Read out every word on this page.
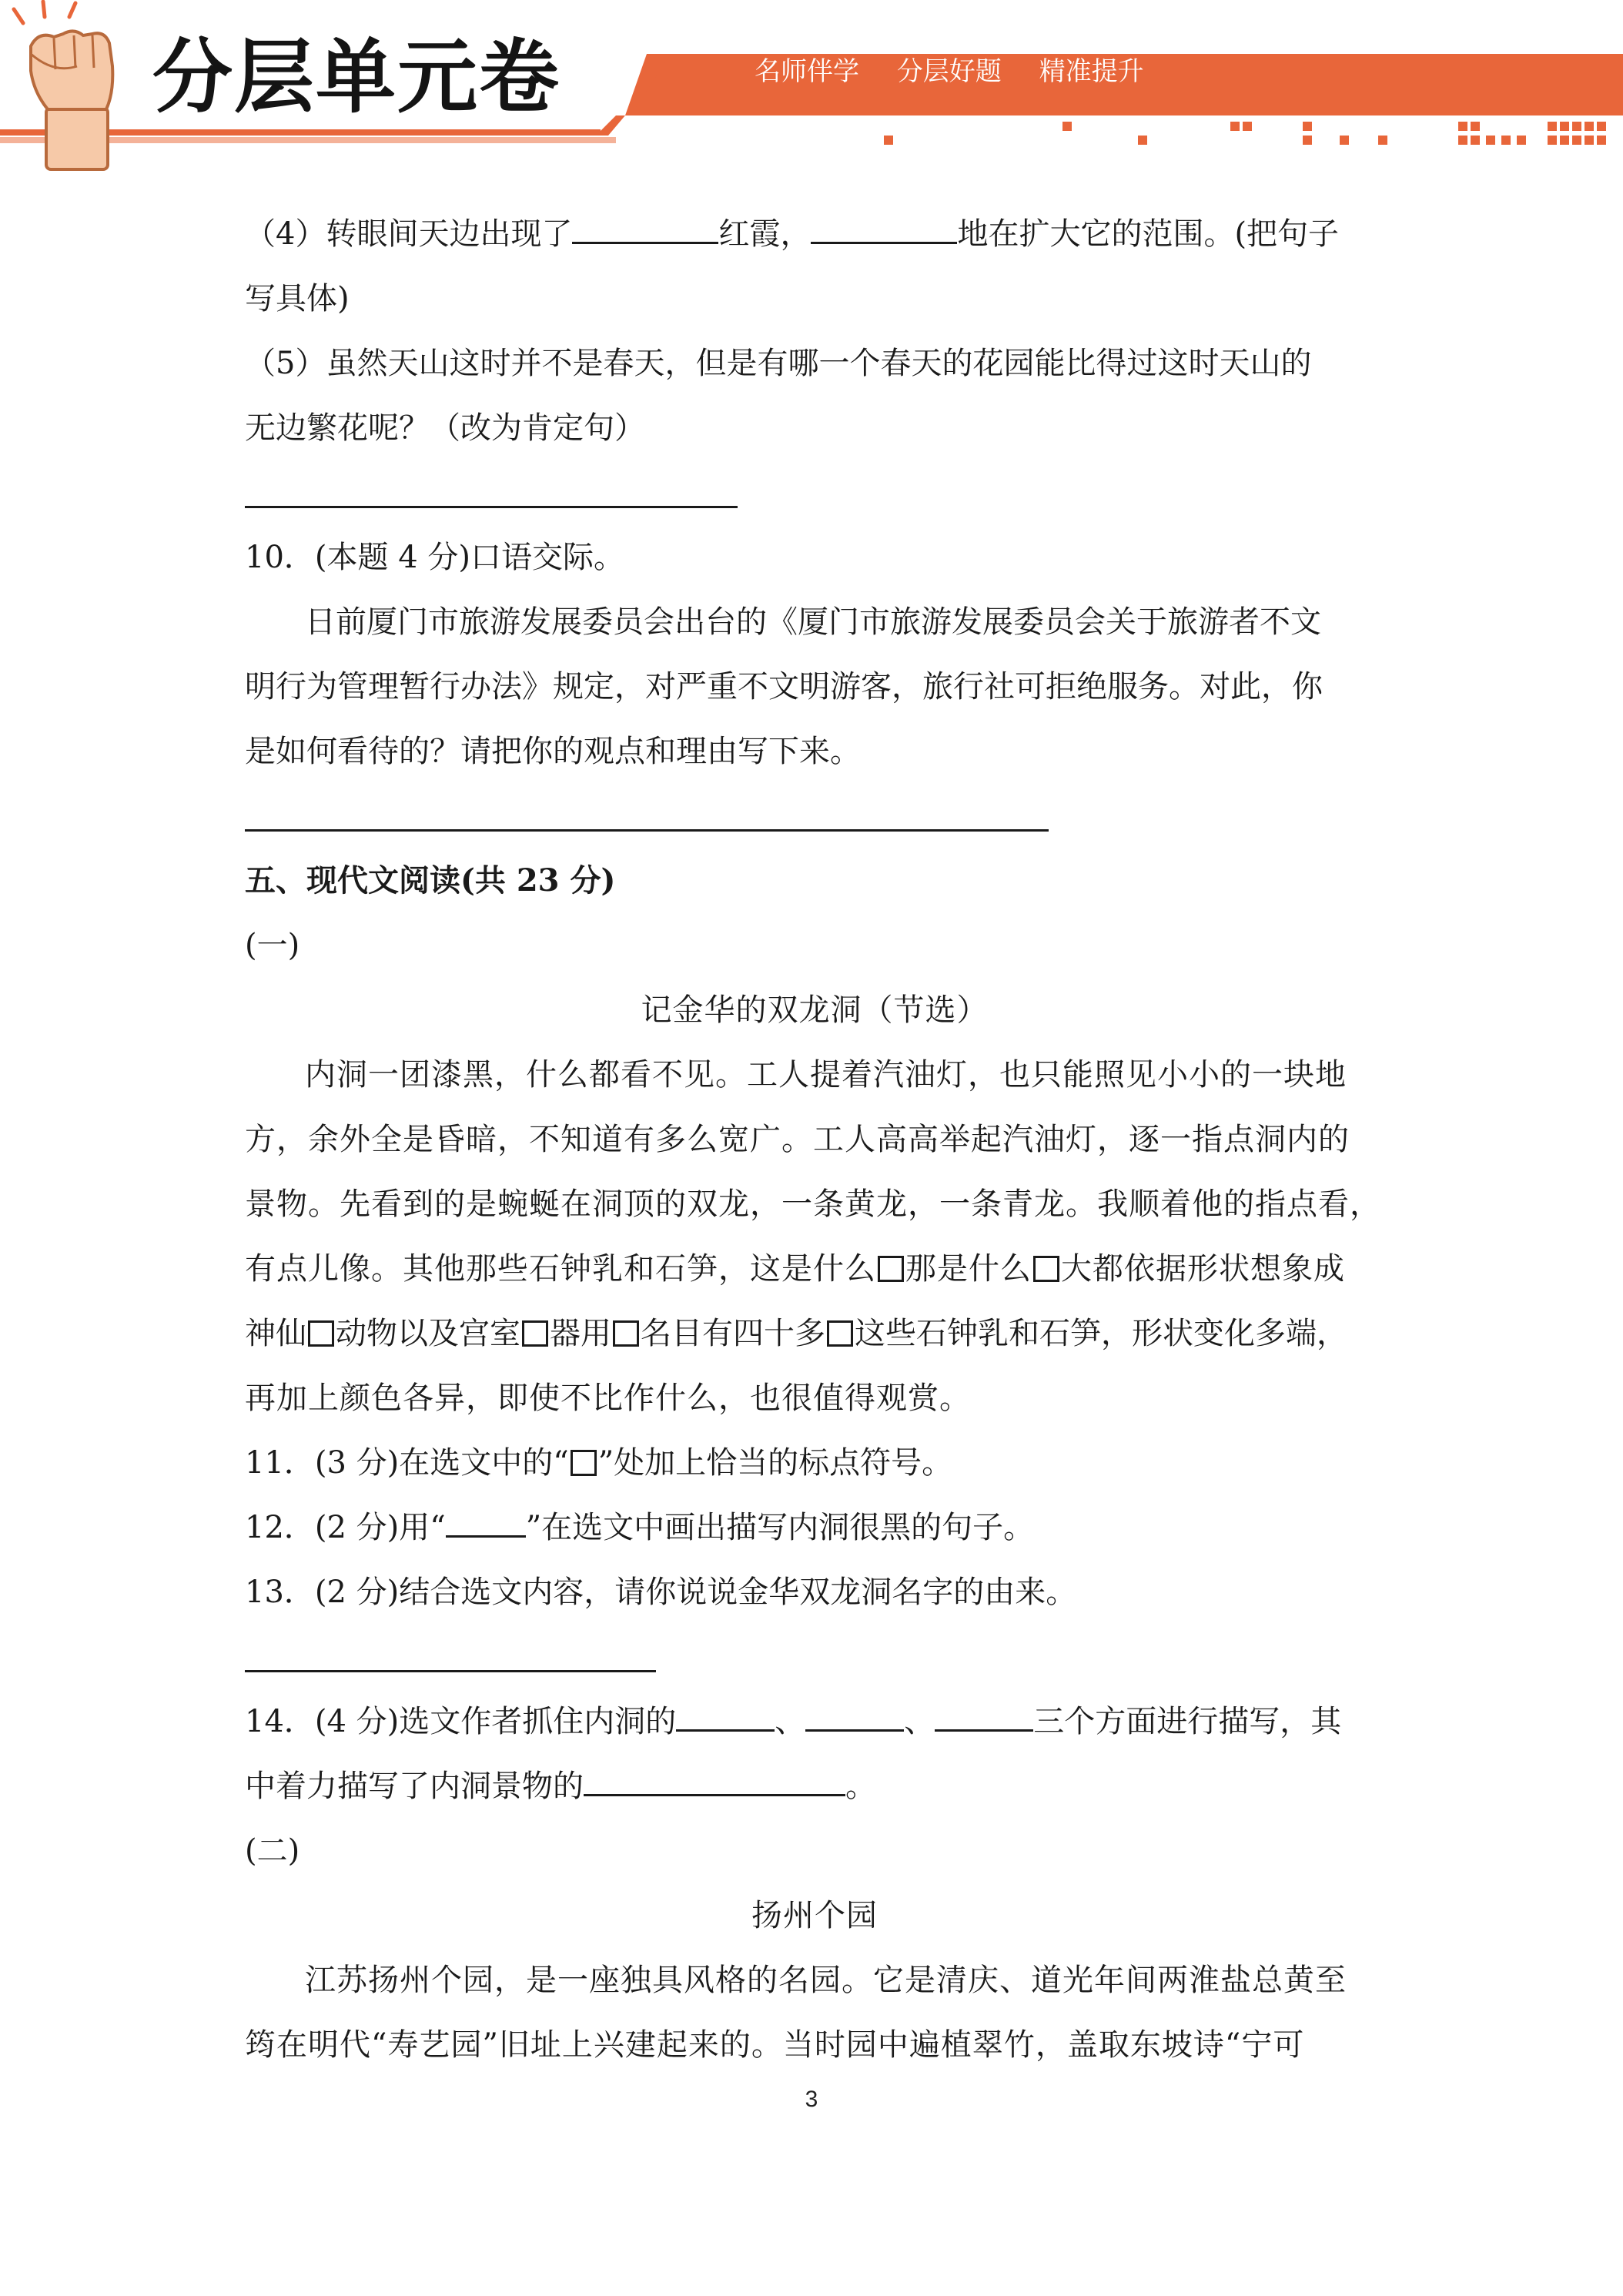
分层单元卷	名师伴学 分层好题 精准提升

（4）转眼间天边出现了	红霞，	地在扩大它的范围。(把句子

写具体)

（5）虽然天山这时并不是春天，但是有哪一个春天的花园能比得过这时天山的

无边繁花呢？（改为肯定句）

10．(本题 4 分)口语交际。

日前厦门市旅游发展委员会出台的《厦门市旅游发展委员会关于旅游者不文

明行为管理暂行办法》规定，对严重不文明游客，旅行社可拒绝服务。对此，你

是如何看待的？请把你的观点和理由写下来。

五、现代文阅读(共 23 分)

(一)

记金华的双龙洞（节选）

内洞一团漆黑，什么都看不见。工人提着汽油灯，也只能照见小小的一块地

方，余外全是昏暗，不知道有多么宽广。工人高高举起汽油灯，逐一指点洞内的

景物。先看到的是蜿蜒在洞顶的双龙，一条黄龙，一条青龙。我顺着他的指点看，

有点儿像。其他那些石钟乳和石笋，这是什么 那是什么 大都依据形状想象成

神仙 动物以及宫室 器用 名目有四十多 这些石钟乳和石笋，形状变化多端，

再加上颜色各异，即使不比作什么，也很值得观赏。

11．(3 分)在选文中的“ ”处加上恰当的标点符号。

12．(2 分)用“	”在选文中画出描写内洞很黑的句子。

13．(2 分)结合选文内容，请你说说金华双龙洞名字的由来。

14．(4 分)选文作者抓住内洞的	、	、	三个方面进行描写，其

中着力描写了内洞景物的	。

(二)

扬州个园

江苏扬州个园，是一座独具风格的名园。它是清庆、道光年间两淮盐总黄至

筠在明代“寿艺园”旧址上兴建起来的。当时园中遍植翠竹，盖取东坡诗“宁可

3
